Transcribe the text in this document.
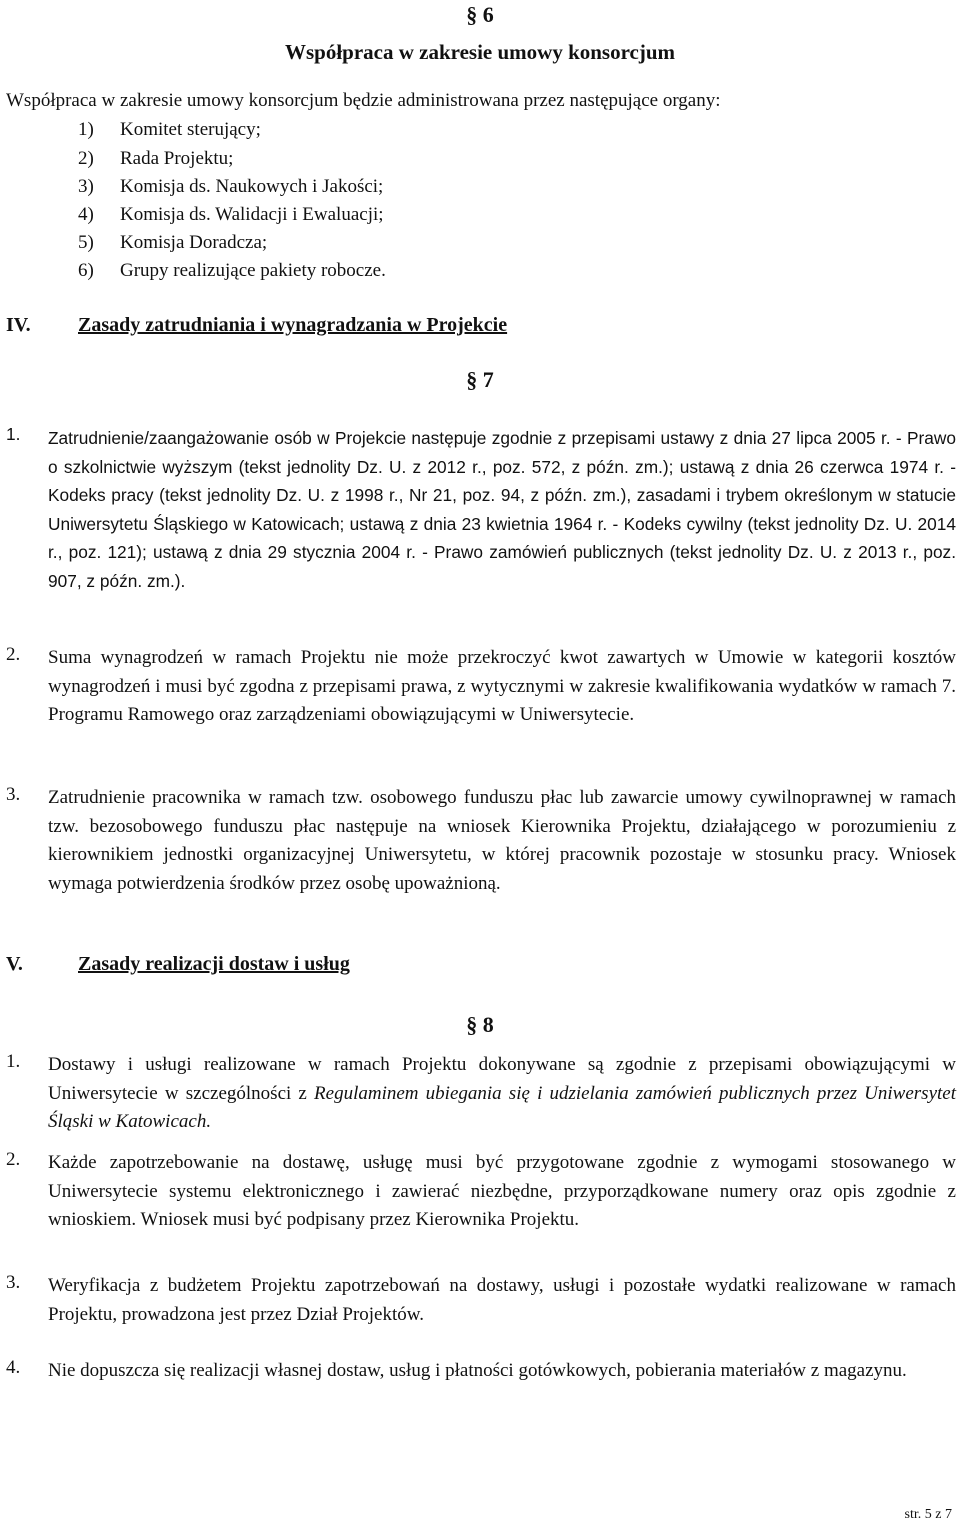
§ 6
Współpraca w zakresie umowy konsorcjum
Współpraca w zakresie umowy konsorcjum będzie administrowana przez następujące organy:
1) Komitet sterujący;
2) Rada Projektu;
3) Komisja ds. Naukowych i Jakości;
4) Komisja ds. Walidacji i Ewaluacji;
5) Komisja Doradcza;
6) Grupy realizujące pakiety robocze.
IV. Zasady zatrudniania i wynagradzania w Projekcie
§ 7
1.	Zatrudnienie/zaangażowanie osób w Projekcie następuje zgodnie z przepisami ustawy z dnia 27 lipca 2005 r. - Prawo o szkolnictwie wyższym (tekst jednolity Dz. U. z 2012 r., poz. 572, z późn. zm.); ustawą z dnia 26 czerwca 1974 r. - Kodeks pracy (tekst jednolity Dz. U. z 1998 r., Nr 21, poz. 94, z późn. zm.), zasadami i trybem określonym w statucie Uniwersytetu Śląskiego w Katowicach; ustawą z dnia 23 kwietnia 1964 r. - Kodeks cywilny (tekst jednolity Dz. U. 2014 r., poz. 121); ustawą z dnia 29 stycznia 2004 r. - Prawo zamówień publicznych (tekst jednolity Dz. U. z 2013 r., poz. 907, z późn. zm.).
2.	Suma wynagrodzeń w ramach Projektu nie może przekroczyć kwot zawartych w Umowie w kategorii kosztów wynagrodzeń i musi być zgodna z przepisami prawa, z wytycznymi w zakresie kwalifikowania wydatków w ramach 7. Programu Ramowego oraz zarządzeniami obowiązującymi w Uniwersytecie.
3.	Zatrudnienie pracownika w ramach tzw. osobowego funduszu płac lub zawarcie umowy cywilnoprawnej w ramach tzw. bezosobowego funduszu płac następuje na wniosek Kierownika Projektu, działającego w porozumieniu z kierownikiem jednostki organizacyjnej Uniwersytetu, w której pracownik pozostaje w stosunku pracy. Wniosek wymaga potwierdzenia środków przez osobę upoważnioną.
V.	Zasady realizacji dostaw i usług
§ 8
1.	Dostawy i usługi realizowane w ramach Projektu dokonywane są zgodnie z przepisami obowiązującymi w Uniwersytecie w szczególności z Regulaminem ubiegania się i udzielania zamówień publicznych przez Uniwersytet Śląski w Katowicach.
2.	Każde zapotrzebowanie na dostawę, usługę musi być przygotowane zgodnie z wymogami stosowanego w Uniwersytecie systemu elektronicznego i zawierać niezbędne, przyporządkowane numery oraz opis zgodnie z wnioskiem. Wniosek musi być podpisany przez Kierownika Projektu.
3.	Weryfikacja z budżetem Projektu zapotrzebowań na dostawy, usługi i pozostałe wydatki realizowane w ramach Projektu, prowadzona jest przez Dział Projektów.
4.	Nie dopuszcza się realizacji własnej dostaw, usług i płatności gotówkowych, pobierania materiałów z magazynu.
str. 5 z 7
